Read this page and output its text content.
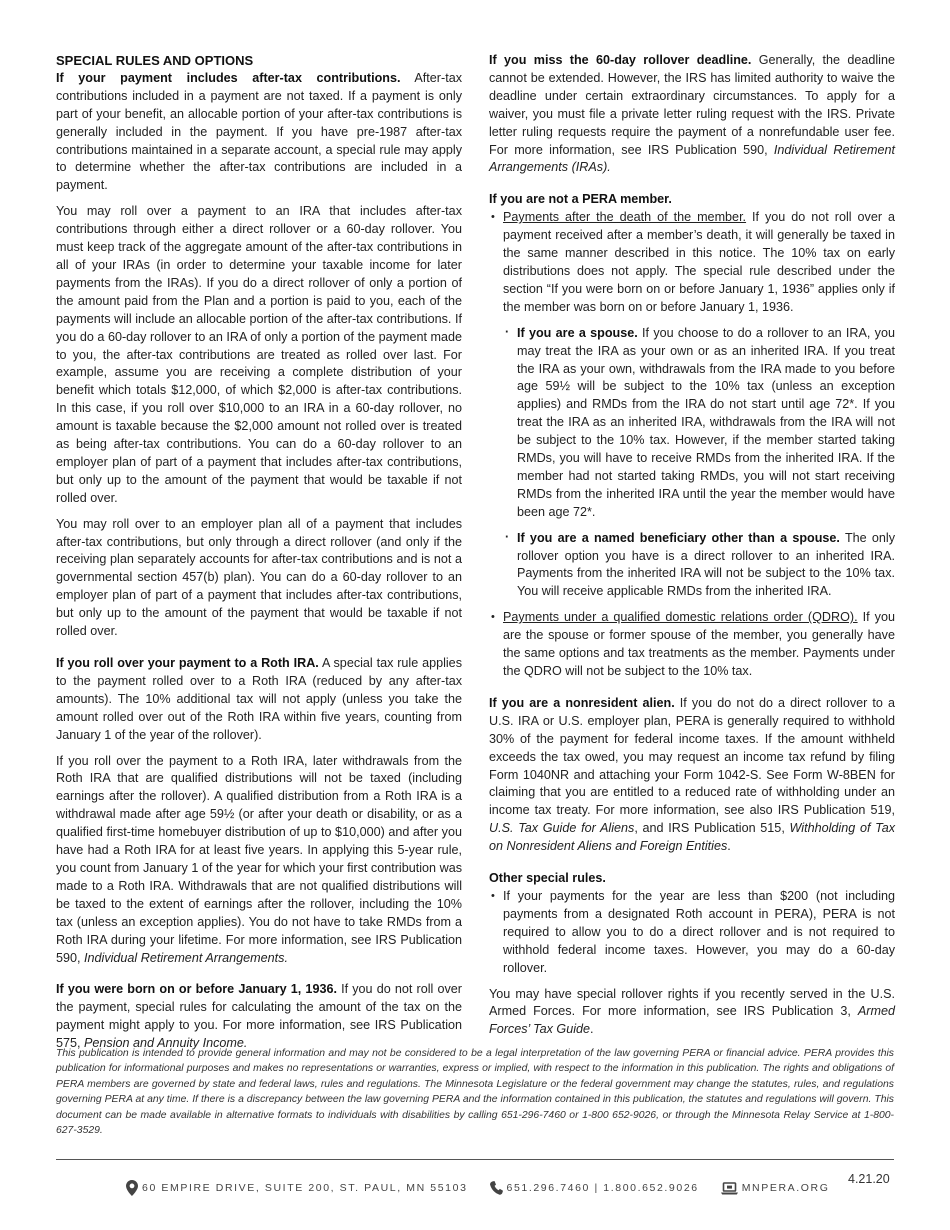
SPECIAL RULES AND OPTIONS

If your payment includes after-tax contributions. After-tax contributions included in a payment are not taxed. If a payment is only part of your benefit, an allocable portion of your after-tax contributions is generally included in the payment. If you have pre-1987 after-tax contributions maintained in a separate account, a special rule may apply to determine whether the after-tax contributions are included in a payment.

You may roll over a payment to an IRA that includes after-tax contributions through either a direct rollover or a 60-day rollover. You must keep track of the aggregate amount of the after-tax contributions in all of your IRAs (in order to determine your taxable income for later payments from the IRAs). If you do a direct rollover of only a portion of the amount paid from the Plan and a portion is paid to you, each of the payments will include an allocable portion of the after-tax contributions. If you do a 60-day rollover to an IRA of only a portion of the payment made to you, the after-tax contributions are treated as rolled over last. For example, assume you are receiving a complete distribution of your benefit which totals $12,000, of which $2,000 is after-tax contributions. In this case, if you roll over $10,000 to an IRA in a 60-day rollover, no amount is taxable because the $2,000 amount not rolled over is treated as being after-tax contributions. You can do a 60-day rollover to an employer plan of part of a payment that includes after-tax contributions, but only up to the amount of the payment that would be taxable if not rolled over.

You may roll over to an employer plan all of a payment that includes after-tax contributions, but only through a direct rollover (and only if the receiving plan separately accounts for after-tax contributions and is not a governmental section 457(b) plan). You can do a 60-day rollover to an employer plan of part of a payment that includes after-tax contributions, but only up to the amount of the payment that would be taxable if not rolled over.

If you roll over your payment to a Roth IRA. A special tax rule applies to the payment rolled over to a Roth IRA (reduced by any after-tax amounts). The 10% additional tax will not apply (unless you take the amount rolled over out of the Roth IRA within five years, counting from January 1 of the year of the rollover).

If you roll over the payment to a Roth IRA, later withdrawals from the Roth IRA that are qualified distributions will not be taxed (including earnings after the rollover). A qualified distribution from a Roth IRA is a withdrawal made after age 59½ (or after your death or disability, or as a qualified first-time homebuyer distribution of up to $10,000) and after you have had a Roth IRA for at least five years. In applying this 5-year rule, you count from January 1 of the year for which your first contribution was made to a Roth IRA. Withdrawals that are not qualified distributions will be taxed to the extent of earnings after the rollover, including the 10% tax (unless an exception applies). You do not have to take RMDs from a Roth IRA during your lifetime. For more information, see IRS Publication 590, Individual Retirement Arrangements.

If you were born on or before January 1, 1936. If you do not roll over the payment, special rules for calculating the amount of the tax on the payment might apply to you. For more information, see IRS Publication 575, Pension and Annuity Income.

If you miss the 60-day rollover deadline. Generally, the deadline cannot be extended. However, the IRS has limited authority to waive the deadline under certain extraordinary circumstances. To apply for a waiver, you must file a private letter ruling request with the IRS. Private letter ruling requests require the payment of a nonrefundable user fee. For more information, see IRS Publication 590, Individual Retirement Arrangements (IRAs).

If you are not a PERA member.
• Payments after the death of the member. If you do not roll over a payment received after a member’s death, it will generally be taxed in the same manner described in this notice. The 10% tax on early distributions does not apply. The special rule described under the section “If you were born on or before January 1, 1936” applies only if the member was born on or before January 1, 1936.
· If you are a spouse. If you choose to do a rollover to an IRA, you may treat the IRA as your own or as an inherited IRA. If you treat the IRA as your own, withdrawals from the IRA made to you before age 59½ will be subject to the 10% tax (unless an exception applies) and RMDs from the IRA do not start until age 72*. If you treat the IRA as an inherited IRA, withdrawals from the IRA will not be subject to the 10% tax. However, if the member started taking RMDs, you will have to receive RMDs from the inherited IRA. If the member had not started taking RMDs, you will not start receiving RMDs from the inherited IRA until the year the member would have been age 72*.
· If you are a named beneficiary other than a spouse. The only rollover option you have is a direct rollover to an inherited IRA. Payments from the inherited IRA will not be subject to the 10% tax. You will receive applicable RMDs from the inherited IRA.
• Payments under a qualified domestic relations order (QDRO). If you are the spouse or former spouse of the member, you generally have the same options and tax treatments as the member. Payments under the QDRO will not be subject to the 10% tax.

If you are a nonresident alien. If you do not do a direct rollover to a U.S. IRA or U.S. employer plan, PERA is generally required to withhold 30% of the payment for federal income taxes. If the amount withheld exceeds the tax owed, you may request an income tax refund by filing Form 1040NR and attaching your Form 1042-S. See Form W-8BEN for claiming that you are entitled to a reduced rate of withholding under an income tax treaty. For more information, see also IRS Publication 519, U.S. Tax Guide for Aliens, and IRS Publication 515, Withholding of Tax on Nonresident Aliens and Foreign Entities.

Other special rules.
• If your payments for the year are less than $200 (not including payments from a designated Roth account in PERA), PERA is not required to allow you to do a direct rollover and is not required to withhold federal income taxes. However, you may do a 60-day rollover.

You may have special rollover rights if you recently served in the U.S. Armed Forces. For more information, see IRS Publication 3, Armed Forces’ Tax Guide.

This publication is intended to provide general information and may not be considered to be a legal interpretation of the law governing PERA or financial advice. PERA provides this publication for informational purposes and makes no representations or warranties, express or implied, with respect to the information in this publication. The rights and obligations of PERA members are governed by state and federal laws, rules and regulations. The Minnesota Legislature or the federal government may change the statutes, rules, and regulations governing PERA at any time. If there is a discrepancy between the law governing PERA and the information contained in this publication, the statutes and regulations will govern. This document can be made available in alternative formats to individuals with disabilities by calling 651-296-7460 or 1-800 652-9026, or through the Minnesota Relay Service at 1-800-627-3529.
60 EMPIRE DRIVE, SUITE 200, ST. PAUL, MN 55103	651.296.7460 | 1.800.652.9026	MNPERA.ORG
4.21.20
